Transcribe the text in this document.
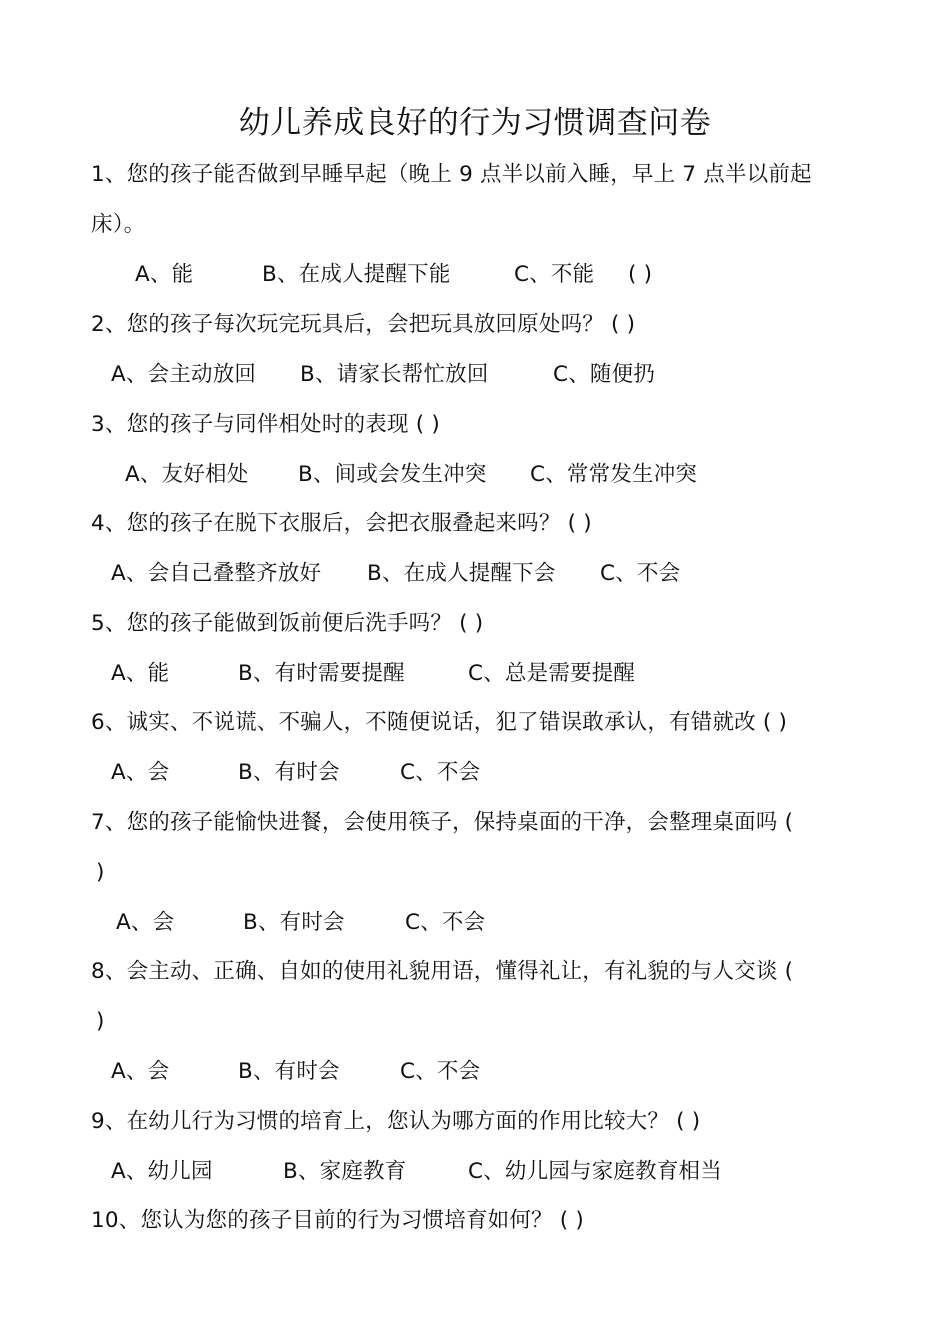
幼儿养成良好的行为习惯调查问卷
1、您的孩子能否做到早睡早起（晚上 9 点半以前入睡，早上 7 点半以前起
床）。
A、能	B、在成人提醒下能	C、不能 ( )
2、您的孩子每次玩完玩具后，会把玩具放回原处吗？ ( )
A、会主动放回 B、请家长帮忙放回	C、随便扔
3、您的孩子与同伴相处时的表现 ( )
A、友好相处 B、间或会发生冲突 C、常常发生冲突
4、您的孩子在脱下衣服后，会把衣服叠起来吗？ ( )
A、会自己叠整齐放好 B、在成人提醒下会 C、不会
5、您的孩子能做到饭前便后洗手吗？ ( )
A、能	B、有时需要提醒	C、总是需要提醒
6、诚实、不说谎、不骗人，不随便说话，犯了错误敢承认，有错就改 ( )
A、会	B、有时会	C、不会
7、您的孩子能愉快进餐，会使用筷子，保持桌面的干净，会整理桌面吗 (
)
A、会	B、有时会	C、不会
8、会主动、正确、自如的使用礼貌用语，懂得礼让，有礼貌的与人交谈 (
)
A、会	B、有时会	C、不会
9、在幼儿行为习惯的培育上，您认为哪方面的作用比较大？ ( )
A、幼儿园	B、家庭教育	C、幼儿园与家庭教育相当
10、您认为您的孩子目前的行为习惯培育如何？ ( )
